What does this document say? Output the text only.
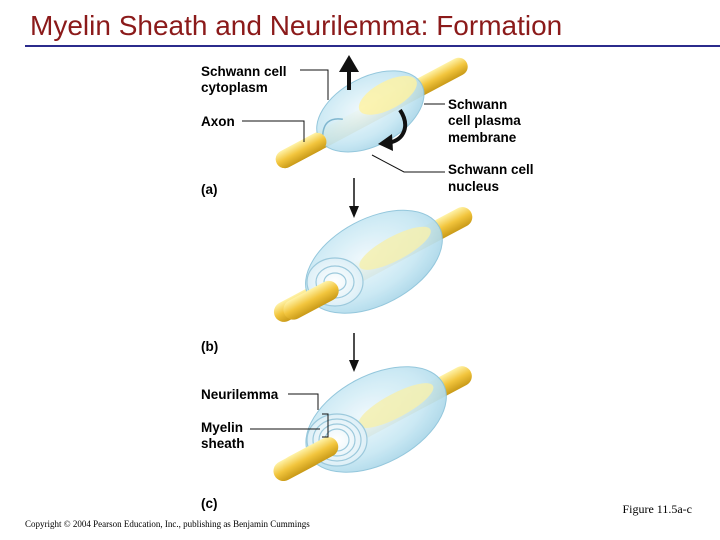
Myelin Sheath and Neurilemma: Formation
Schwann cell
cytoplasm
Axon
Schwann
cell plasma
membrane
Schwann cell
nucleus
(a)
(b)
Neurilemma
Myelin
sheath
(c)	Figure 11.5a-c
Copyright © 2004 Pearson Education, Inc., publishing as Benjamin Cummings
